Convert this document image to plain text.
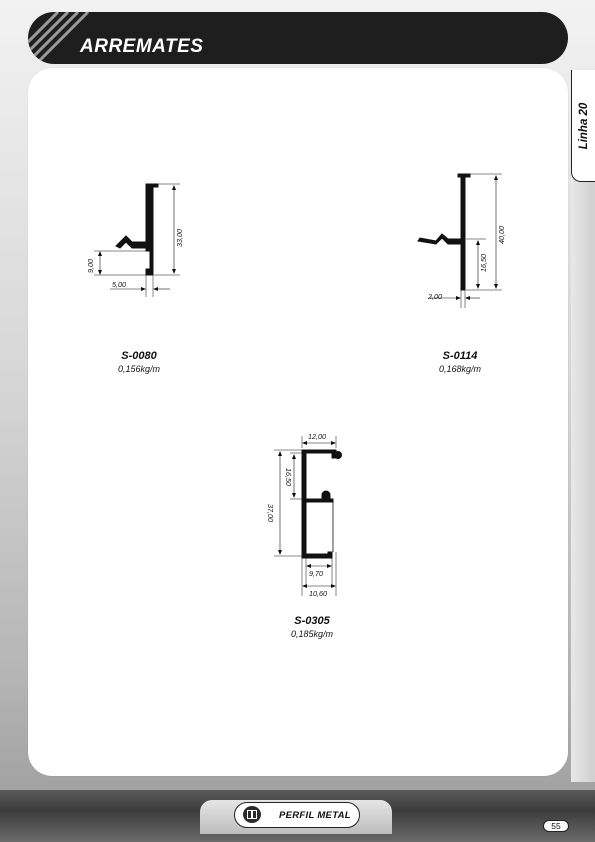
ARREMATES
Linha 20
33,00
9,00
5,00
S-0080
0,156kg/m
40,00
16,50
2,00
S-0114
0,168kg/m
12,00
16,50
37,00
9,70
10,60
S-0305
0,185kg/m
PERFIL METAL
55
